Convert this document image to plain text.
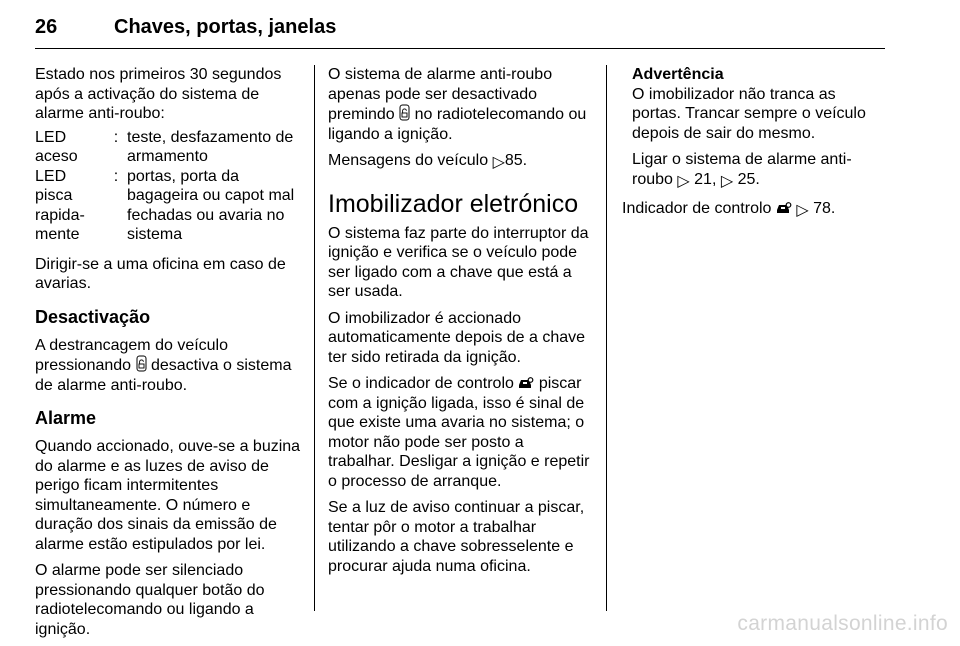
26	Chaves, portas, janelas

Estado nos primeiros 30 segundos após a activação do sistema de alarme anti-roubo:

LED aceso	:	teste, desfazamento de armamento
LED pisca rapida-mente	:	portas, porta da bagageira ou capot mal fechadas ou avaria no sistema

Dirigir-se a uma oficina em caso de avarias.

Desactivação

A destrancagem do veículo pressionando desactiva o sistema de alarme anti-roubo.

Alarme

Quando accionado, ouve-se a buzina do alarme e as luzes de aviso de perigo ficam intermitentes simultaneamente. O número e duração dos sinais da emissão de alarme estão estipulados por lei.

O alarme pode ser silenciado pressionando qualquer botão do radiotelecomando ou ligando a ignição.

O sistema de alarme anti-roubo apenas pode ser desactivado premindo no radiotelecomando ou ligando a ignição.

Mensagens do veículo ▷85.

Imobilizador eletrónico

O sistema faz parte do interruptor da ignição e verifica se o veículo pode ser ligado com a chave que está a ser usada.

O imobilizador é accionado automaticamente depois de a chave ter sido retirada da ignição.

Se o indicador de controlo piscar com a ignição ligada, isso é sinal de que existe uma avaria no sistema; o motor não pode ser posto a trabalhar. Desligar a ignição e repetir o processo de arranque.

Se a luz de aviso continuar a piscar, tentar pôr o motor a trabalhar utilizando a chave sobresselente e procurar ajuda numa oficina.

Advertência

O imobilizador não tranca as portas. Trancar sempre o veículo depois de sair do mesmo.

Ligar o sistema de alarme anti-roubo ▷ 21, ▷ 25.

Indicador de controlo ▷ 78.

carmanualsonline.info
